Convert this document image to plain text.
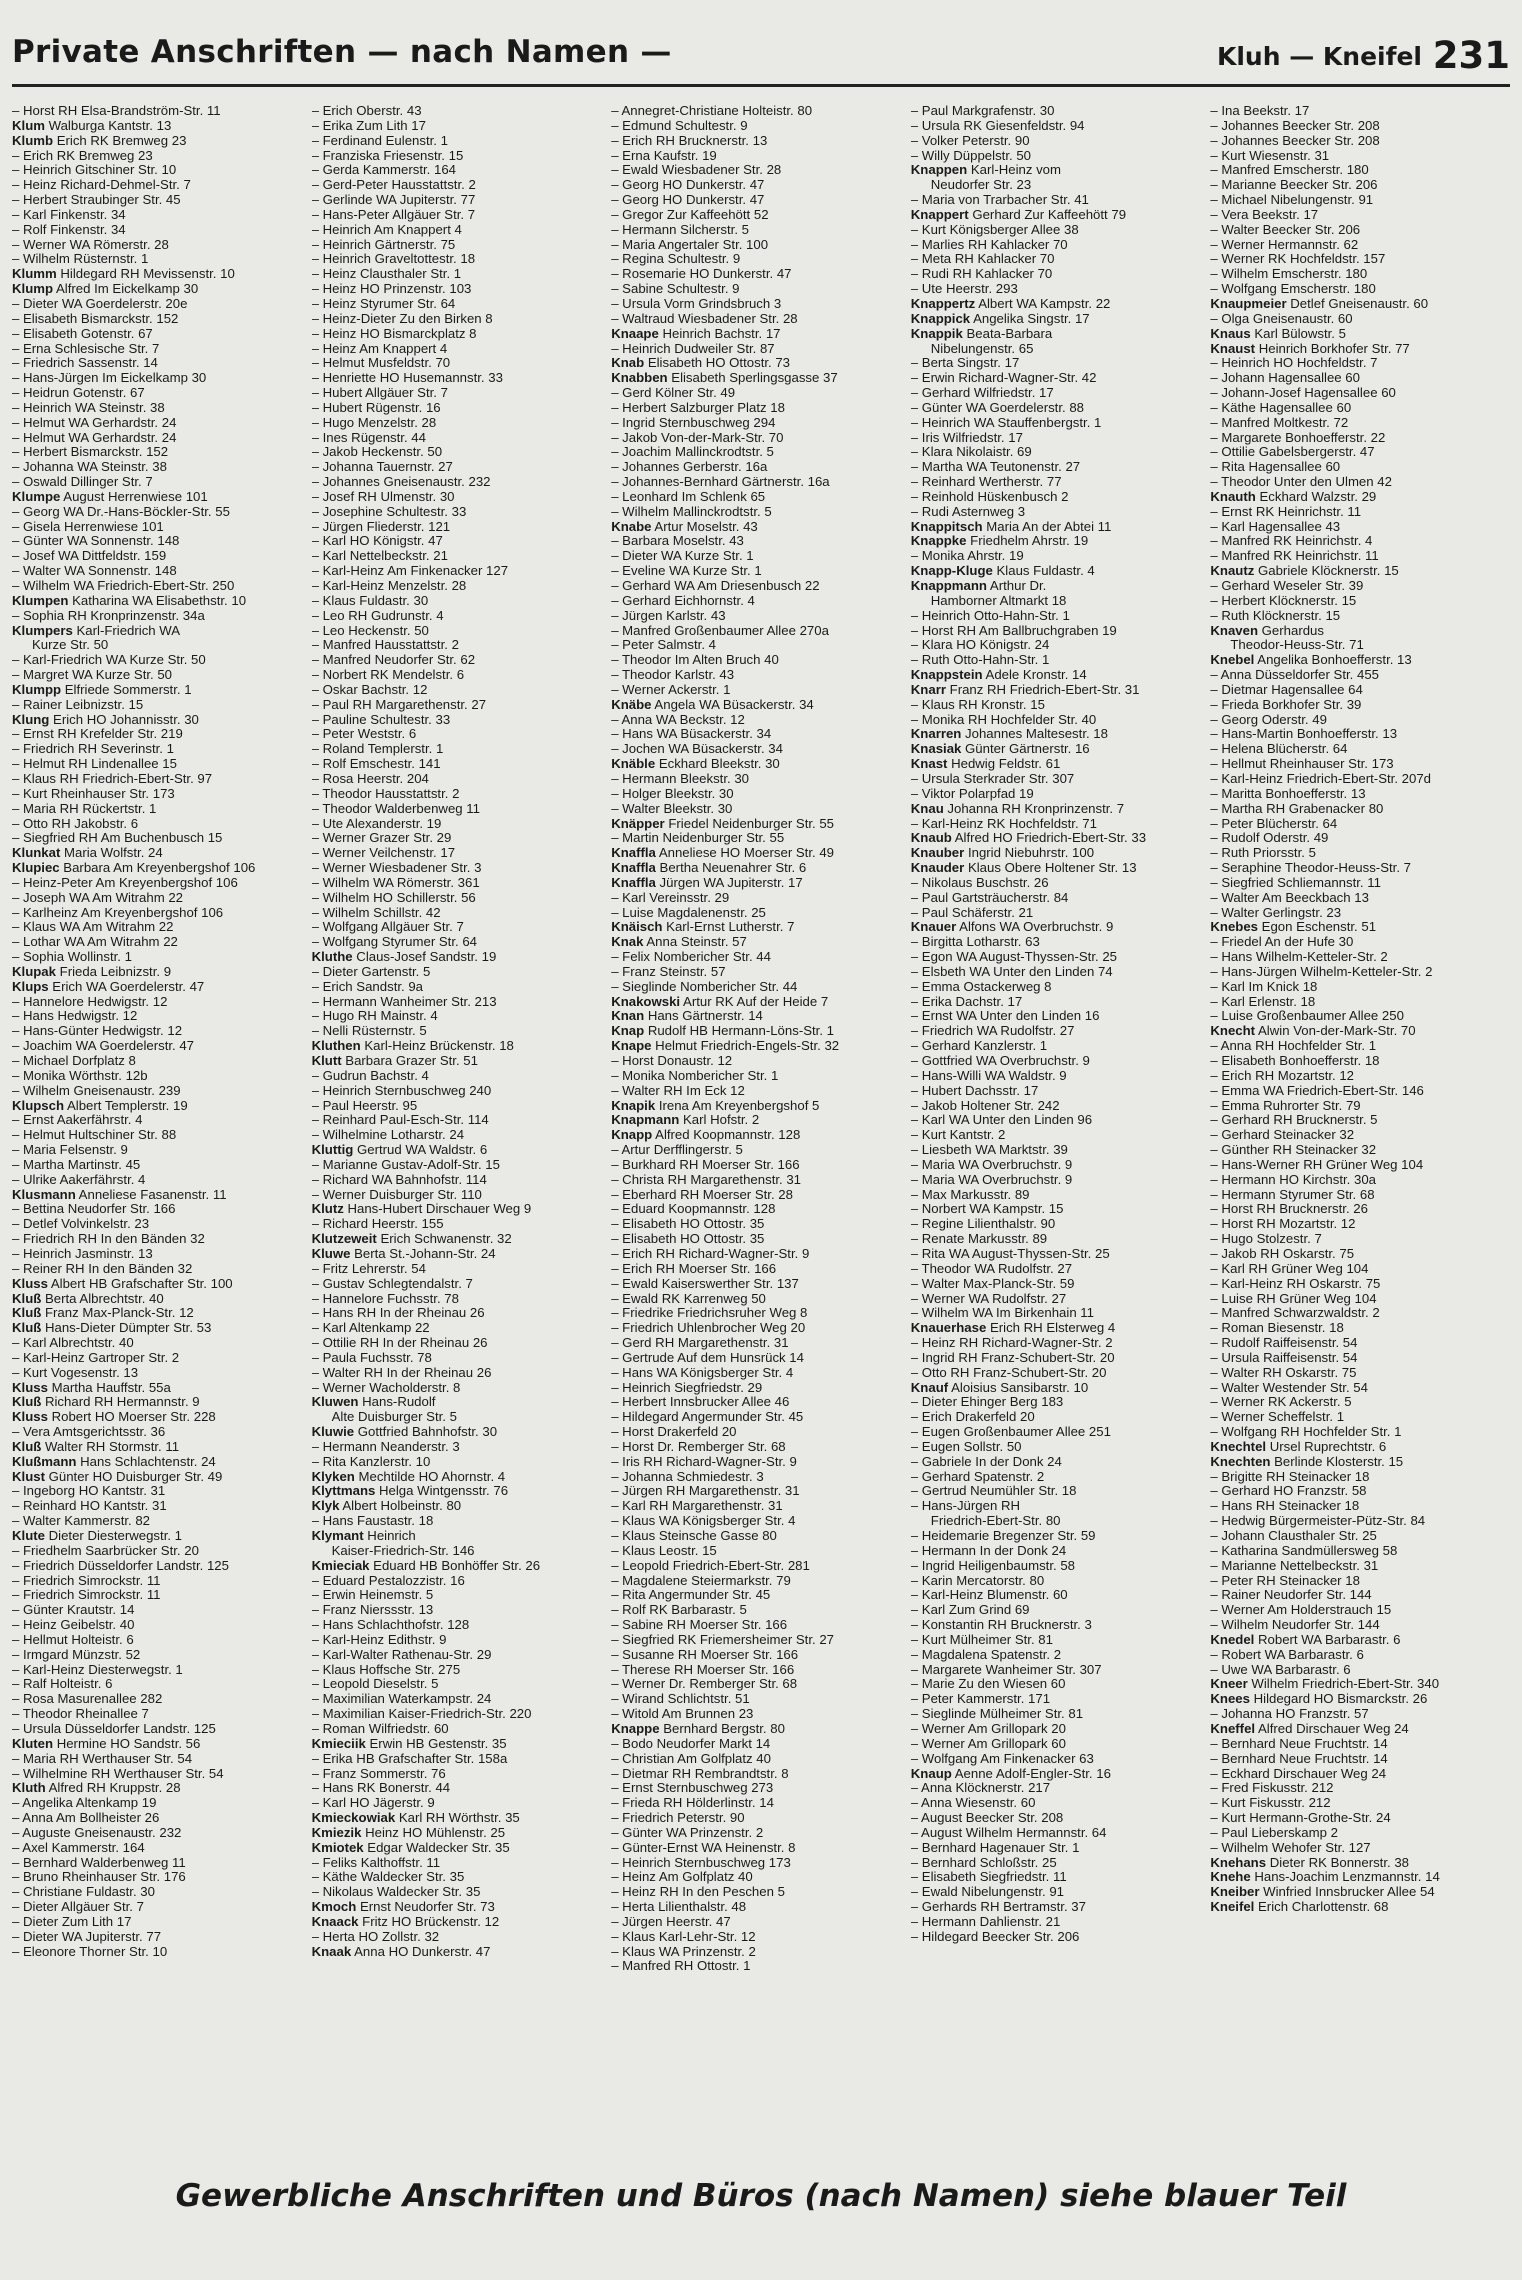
Private Anschriften — nach Namen —	Kluh — Kneifel 231
– Horst RH Elsa-Brandström-Str. 11
Klum Walburga Kantstr. 13
Klumb Erich RK Bremweg 23
– Erich RK Bremweg 23
– Heinrich Gitschiner Str. 10
– Heinz Richard-Dehmel-Str. 7
– Herbert Straubinger Str. 45
– Karl Finkenstr. 34
– Rolf Finkenstr. 34
– Werner WA Römerstr. 28
– Wilhelm Rüsternstr. 1
Klumm Hildegard RH Mevissenstr. 10
Klump Alfred Im Eickelkamp 30
– Dieter WA Goerdelerstr. 20e
– Elisabeth Bismarckstr. 152
– Elisabeth Gotenstr. 67
– Erna Schlesische Str. 7
– Friedrich Sassenstr. 14
– Hans-Jürgen Im Eickelkamp 30
– Heidrun Gotenstr. 67
– Heinrich WA Steinstr. 38
– Helmut WA Gerhardstr. 24
– Helmut WA Gerhardstr. 24
– Herbert Bismarckstr. 152
– Johanna WA Steinstr. 38
– Oswald Dillinger Str. 7
Klumpe August Herrenwiese 101
– Georg WA Dr.-Hans-Böckler-Str. 55
– Gisela Herrenwiese 101
– Günter WA Sonnenstr. 148
– Josef WA Dittfeldstr. 159
– Walter WA Sonnenstr. 148
– Wilhelm WA Friedrich-Ebert-Str. 250
Klumpen Katharina WA Elisabethstr. 10
– Sophia RH Kronprinzenstr. 34a
Klumpers Karl-Friedrich WA
Kurze Str. 50
– Karl-Friedrich WA Kurze Str. 50
– Margret WA Kurze Str. 50
Klumpp Elfriede Sommerstr. 1
– Rainer Leibnizstr. 15
Klung Erich HO Johannisstr. 30
– Ernst RH Krefelder Str. 219
– Friedrich RH Severinstr. 1
– Helmut RH Lindenallee 15
– Klaus RH Friedrich-Ebert-Str. 97
– Kurt Rheinhauser Str. 173
– Maria RH Rückertstr. 1
– Otto RH Jakobstr. 6
– Siegfried RH Am Buchenbusch 15
Klunkat Maria Wolfstr. 24
Klupiec Barbara Am Kreyenbergshof 106
– Heinz-Peter Am Kreyenbergshof 106
– Joseph WA Am Witrahm 22
– Karlheinz Am Kreyenbergshof 106
– Klaus WA Am Witrahm 22
– Lothar WA Am Witrahm 22
– Sophia Wollinstr. 1
Klupak Frieda Leibnizstr. 9
Klups Erich WA Goerdelerstr. 47
– Hannelore Hedwigstr. 12
– Hans Hedwigstr. 12
– Hans-Günter Hedwigstr. 12
– Joachim WA Goerdelerstr. 47
– Michael Dorfplatz 8
– Monika Wörthstr. 12b
– Wilhelm Gneisenaustr. 239
Klupsch Albert Templerstr. 19
– Ernst Aakerfährstr. 4
– Helmut Hultschiner Str. 88
– Maria Felsenstr. 9
– Martha Martinstr. 45
– Ulrike Aakerfährstr. 4
Klusmann Anneliese Fasanenstr. 11
– Bettina Neudorfer Str. 166
– Detlef Volvinkelstr. 23
– Friedrich RH In den Bänden 32
– Heinrich Jasminstr. 13
– Reiner RH In den Bänden 32
Kluss Albert HB Grafschafter Str. 100
Kluß Berta Albrechtstr. 40
Kluß Franz Max-Planck-Str. 12
Kluß Hans-Dieter Dümpter Str. 53
– Karl Albrechtstr. 40
– Karl-Heinz Gartroper Str. 2
– Kurt Vogesenstr. 13
Kluss Martha Hauffstr. 55a
Kluß Richard RH Hermannstr. 9
Kluss Robert HO Moerser Str. 228
– Vera Amtsgerichtsstr. 36
Kluß Walter RH Stormstr. 11
Klußmann Hans Schlachtenstr. 24
Klust Günter HO Duisburger Str. 49
– Ingeborg HO Kantstr. 31
– Reinhard HO Kantstr. 31
– Walter Kammerstr. 82
Klute Dieter Diesterwegstr. 1
– Friedhelm Saarbrücker Str. 20
– Friedrich Düsseldorfer Landstr. 125
– Friedrich Simrockstr. 11
– Friedrich Simrockstr. 11
– Günter Krautstr. 14
– Heinz Geibelstr. 40
– Hellmut Holteistr. 6
– Irmgard Münzstr. 52
– Karl-Heinz Diesterwegstr. 1
– Ralf Holteistr. 6
– Rosa Masurenallee 282
– Theodor Rheinallee 7
– Ursula Düsseldorfer Landstr. 125
Kluten Hermine HO Sandstr. 56
– Maria RH Werthauser Str. 54
– Wilhelmine RH Werthauser Str. 54
Kluth Alfred RH Kruppstr. 28
– Angelika Altenkamp 19
– Anna Am Bollheister 26
– Auguste Gneisenaustr. 232
– Axel Kammerstr. 164
– Bernhard Walderbenweg 11
– Bruno Rheinhauser Str. 176
– Christiane Fuldastr. 30
– Dieter Allgäuer Str. 7
– Dieter Zum Lith 17
– Dieter WA Jupiterstr. 77
– Eleonore Thorner Str. 10
– Erich Oberstr. 43
– Erika Zum Lith 17
– Ferdinand Eulenstr. 1
– Franziska Friesenstr. 15
– Gerda Kammerstr. 164
– Gerd-Peter Hausstattstr. 2
– Gerlinde WA Jupiterstr. 77
– Hans-Peter Allgäuer Str. 7
– Heinrich Am Knappert 4
– Heinrich Gärtnerstr. 75
– Heinrich Graveltottestr. 18
– Heinz Clausthaler Str. 1
– Heinz HO Prinzenstr. 103
– Heinz Styrumer Str. 64
– Heinz-Dieter Zu den Birken 8
– Heinz HO Bismarckplatz 8
– Heinz Am Knappert 4
– Helmut Musfeldstr. 70
– Henriette HO Husemannstr. 33
– Hubert Allgäuer Str. 7
– Hubert Rügenstr. 16
– Hugo Menzelstr. 28
– Ines Rügenstr. 44
– Jakob Heckenstr. 50
– Johanna Tauernstr. 27
– Johannes Gneisenaustr. 232
– Josef RH Ulmenstr. 30
– Josephine Schultestr. 33
– Jürgen Fliederstr. 121
– Karl HO Königstr. 47
– Karl Nettelbeckstr. 21
– Karl-Heinz Am Finkenacker 127
– Karl-Heinz Menzelstr. 28
– Klaus Fuldastr. 30
– Leo RH Gudrunstr. 4
– Leo Heckenstr. 50
– Manfred Hausstattstr. 2
– Manfred Neudorfer Str. 62
– Norbert RK Mendelstr. 6
– Oskar Bachstr. 12
– Paul RH Margarethenstr. 27
– Pauline Schultestr. 33
– Peter Weststr. 6
– Roland Templerstr. 1
– Rolf Emschestr. 141
– Rosa Heerstr. 204
– Theodor Hausstattstr. 2
– Theodor Walderbenweg 11
– Ute Alexanderstr. 19
– Werner Grazer Str. 29
– Werner Veilchenstr. 17
– Werner Wiesbadener Str. 3
– Wilhelm WA Römerstr. 361
– Wilhelm HO Schillerstr. 56
– Wilhelm Schillstr. 42
– Wolfgang Allgäuer Str. 7
– Wolfgang Styrumer Str. 64
Kluthe Claus-Josef Sandstr. 19
– Dieter Gartenstr. 5
– Erich Sandstr. 9a
– Hermann Wanheimer Str. 213
– Hugo RH Mainstr. 4
– Nelli Rüsternstr. 5
Kluthen Karl-Heinz Brückenstr. 18
Klutt Barbara Grazer Str. 51
– Gudrun Bachstr. 4
– Heinrich Sternbuschweg 240
– Paul Heerstr. 95
– Reinhard Paul-Esch-Str. 114
– Wilhelmine Lotharstr. 24
Kluttig Gertrud WA Waldstr. 6
– Marianne Gustav-Adolf-Str. 15
– Richard WA Bahnhofstr. 114
– Werner Duisburger Str. 110
Klutz Hans-Hubert Dirschauer Weg 9
– Richard Heerstr. 155
Klutzeweit Erich Schwanenstr. 32
Kluwe Berta St.-Johann-Str. 24
– Fritz Lehrerstr. 54
– Gustav Schlegtendalstr. 7
– Hannelore Fuchsstr. 78
– Hans RH In der Rheinau 26
– Karl Altenkamp 22
– Ottilie RH In der Rheinau 26
– Paula Fuchsstr. 78
– Walter RH In der Rheinau 26
– Werner Wacholderstr. 8
Kluwen Hans-Rudolf
Alte Duisburger Str. 5
Kluwie Gottfried Bahnhofstr. 30
– Hermann Neanderstr. 3
– Rita Kanzlerstr. 10
Klyken Mechtilde HO Ahornstr. 4
Klyttmans Helga Wintgensstr. 76
Klyk Albert Holbeinstr. 80
– Hans Faustastr. 18
Klymant Heinrich
Kaiser-Friedrich-Str. 146
Kmieciak Eduard HB Bonhöffer Str. 26
– Eduard Pestalozzistr. 16
– Erwin Heinemstr. 5
– Franz Nierssstr. 13
– Hans Schlachthofstr. 128
– Karl-Heinz Edithstr. 9
– Karl-Walter Rathenau-Str. 29
– Klaus Hoffsche Str. 275
– Leopold Dieselstr. 5
– Maximilian Waterkampstr. 24
– Maximilian Kaiser-Friedrich-Str. 220
– Roman Wilfriedstr. 60
Kmieciik Erwin HB Gestenstr. 35
– Erika HB Grafschafter Str. 158a
– Franz Sommerstr. 76
– Hans RK Bonerstr. 44
– Karl HO Jägerstr. 9
Kmieckowiak Karl RH Wörthstr. 35
Kmiezik Heinz HO Mühlenstr. 25
Kmiotek Edgar Waldecker Str. 35
– Feliks Kalthoffstr. 11
– Käthe Waldecker Str. 35
– Nikolaus Waldecker Str. 35
Kmoch Ernst Neudorfer Str. 73
Knaack Fritz HO Brückenstr. 12
– Herta HO Zollstr. 32
Knaak Anna HO Dunkerstr. 47
– Annegret-Christiane Holteistr. 80
– Edmund Schultestr. 9
– Erich RH Brucknerstr. 13
– Erna Kaufstr. 19
– Ewald Wiesbadener Str. 28
– Georg HO Dunkerstr. 47
– Georg HO Dunkerstr. 47
– Gregor Zur Kaffeehött 52
– Hermann Silcherstr. 5
– Maria Angertaler Str. 100
– Regina Schultestr. 9
– Rosemarie HO Dunkerstr. 47
– Sabine Schultestr. 9
– Ursula Vorm Grindsbruch 3
– Waltraud Wiesbadener Str. 28
Knaape Heinrich Bachstr. 17
– Heinrich Dudweiler Str. 87
Knab Elisabeth HO Ottostr. 73
Knabben Elisabeth Sperlingsgasse 37
– Gerd Kölner Str. 49
– Herbert Salzburger Platz 18
– Ingrid Sternbuschweg 294
– Jakob Von-der-Mark-Str. 70
– Joachim Mallinckrodtstr. 5
– Johannes Gerberstr. 16a
– Johannes-Bernhard Gärtnerstr. 16a
– Leonhard Im Schlenk 65
– Wilhelm Mallinckrodtstr. 5
Knabe Artur Moselstr. 43
– Barbara Moselstr. 43
– Dieter WA Kurze Str. 1
– Eveline WA Kurze Str. 1
– Gerhard WA Am Driesenbusch 22
– Gerhard Eichhornstr. 4
– Jürgen Karlstr. 43
– Manfred Großenbaumer Allee 270a
– Peter Salmstr. 4
– Theodor Im Alten Bruch 40
– Theodor Karlstr. 43
– Werner Ackerstr. 1
Knäbe Angela WA Büsackerstr. 34
– Anna WA Beckstr. 12
– Hans WA Büsackerstr. 34
– Jochen WA Büsackerstr. 34
Knäble Eckhard Bleekstr. 30
– Hermann Bleekstr. 30
– Holger Bleekstr. 30
– Walter Bleekstr. 30
Knäpper Friedel Neidenburger Str. 55
– Martin Neidenburger Str. 55
Knaffla Anneliese HO Moerser Str. 49
Knaffla Bertha Neuenahrer Str. 6
Knaffla Jürgen WA Jupiterstr. 17
– Karl Vereinsstr. 29
– Luise Magdalenenstr. 25
Knäisch Karl-Ernst Lutherstr. 7
Knak Anna Steinstr. 57
– Felix Nombericher Str. 44
– Franz Steinstr. 57
– Sieglinde Nombericher Str. 44
Knakowski Artur RK Auf der Heide 7
Knan Hans Gärtnerstr. 14
Knap Rudolf HB Hermann-Löns-Str. 1
Knape Helmut Friedrich-Engels-Str. 32
– Horst Donaustr. 12
– Monika Nombericher Str. 1
– Walter RH Im Eck 12
Knapik Irena Am Kreyenbergshof 5
Knapmann Karl Hofstr. 2
Knapp Alfred Koopmannstr. 128
– Artur Derfflingerstr. 5
– Burkhard RH Moerser Str. 166
– Christa RH Margarethenstr. 31
– Eberhard RH Moerser Str. 28
– Eduard Koopmannstr. 128
– Elisabeth HO Ottostr. 35
– Elisabeth HO Ottostr. 35
– Erich RH Richard-Wagner-Str. 9
– Erich RH Moerser Str. 166
– Ewald Kaiserswerther Str. 137
– Ewald RK Karrenweg 50
– Friedrike Friedrichsruher Weg 8
– Friedrich Uhlenbrocher Weg 20
– Gerd RH Margarethenstr. 31
– Gertrude Auf dem Hunsrück 14
– Hans WA Königsberger Str. 4
– Heinrich Siegfriedstr. 29
– Herbert Innsbrucker Allee 46
– Hildegard Angermunder Str. 45
– Horst Drakerfeld 20
– Horst Dr. Remberger Str. 68
– Iris RH Richard-Wagner-Str. 9
– Johanna Schmiedestr. 3
– Jürgen RH Margarethenstr. 31
– Karl RH Margarethenstr. 31
– Klaus WA Königsberger Str. 4
– Klaus Steinsche Gasse 80
– Klaus Leostr. 15
– Leopold Friedrich-Ebert-Str. 281
– Magdalene Steiermarkstr. 79
– Rita Angermunder Str. 45
– Rolf RK Barbarastr. 5
– Sabine RH Moerser Str. 166
– Siegfried RK Friemersheimer Str. 27
– Susanne RH Moerser Str. 166
– Therese RH Moerser Str. 166
– Werner Dr. Remberger Str. 68
– Wirand Schlichtstr. 51
– Witold Am Brunnen 23
Knappe Bernhard Bergstr. 80
– Bodo Neudorfer Markt 14
– Christian Am Golfplatz 40
– Dietmar RH Rembrandtstr. 8
– Ernst Sternbuschweg 273
– Frieda RH Hölderlinstr. 14
– Friedrich Peterstr. 90
– Günter WA Prinzenstr. 2
– Günter-Ernst WA Heinenstr. 8
– Heinrich Sternbuschweg 173
– Heinz Am Golfplatz 40
– Heinz RH In den Peschen 5
– Herta Lilienthalstr. 48
– Jürgen Heerstr. 47
– Klaus Karl-Lehr-Str. 12
– Klaus WA Prinzenstr. 2
– Manfred RH Ottostr. 1
– Paul Markgrafenstr. 30
– Ursula RK Giesenfeldstr. 94
– Volker Peterstr. 90
– Willy Düppelstr. 50
Knappen Karl-Heinz vom
Neudorfer Str. 23
– Maria von Trarbacher Str. 41
Knappert Gerhard Zur Kaffeehött 79
– Kurt Königsberger Allee 38
– Marlies RH Kahlacker 70
– Meta RH Kahlacker 70
– Rudi RH Kahlacker 70
– Ute Heerstr. 293
Knappertz Albert WA Kampstr. 22
Knappick Angelika Singstr. 17
Knappik Beata-Barbara
Nibelungenstr. 65
– Berta Singstr. 17
– Erwin Richard-Wagner-Str. 42
– Gerhard Wilfriedstr. 17
– Günter WA Goerdelerstr. 88
– Heinrich WA Stauffenbergstr. 1
– Iris Wilfriedstr. 17
– Klara Nikolaistr. 69
– Martha WA Teutonenstr. 27
– Reinhard Wertherstr. 77
– Reinhold Hüskenbusch 2
– Rudi Asternweg 3
Knappitsch Maria An der Abtei 11
Knappke Friedhelm Ahrstr. 19
– Monika Ahrstr. 19
Knapp-Kluge Klaus Fuldastr. 4
Knappmann Arthur Dr.
Hamborner Altmarkt 18
– Heinrich Otto-Hahn-Str. 1
– Horst RH Am Ballbruchgraben 19
– Klara HO Königstr. 24
– Ruth Otto-Hahn-Str. 1
Knappstein Adele Kronstr. 14
Knarr Franz RH Friedrich-Ebert-Str. 31
– Klaus RH Kronstr. 15
– Monika RH Hochfelder Str. 40
Knarren Johannes Maltesestr. 18
Knasiak Günter Gärtnerstr. 16
Knast Hedwig Feldstr. 61
– Ursula Sterkrader Str. 307
– Viktor Polarpfad 19
Knau Johanna RH Kronprinzenstr. 7
– Karl-Heinz RK Hochfeldstr. 71
Knaub Alfred HO Friedrich-Ebert-Str. 33
Knauber Ingrid Niebuhrstr. 100
Knauder Klaus Obere Holtener Str. 13
– Nikolaus Buschstr. 26
– Paul Gartsträucherstr. 84
– Paul Schäferstr. 21
Knauer Alfons WA Overbruchstr. 9
– Birgitta Lotharstr. 63
– Egon WA August-Thyssen-Str. 25
– Elsbeth WA Unter den Linden 74
– Emma Ostackerweg 8
– Erika Dachstr. 17
– Ernst WA Unter den Linden 16
– Friedrich WA Rudolfstr. 27
– Gerhard Kanzlerstr. 1
– Gottfried WA Overbruchstr. 9
– Hans-Willi WA Waldstr. 9
– Hubert Dachsstr. 17
– Jakob Holtener Str. 242
– Karl WA Unter den Linden 96
– Kurt Kantstr. 2
– Liesbeth WA Marktstr. 39
– Maria WA Overbruchstr. 9
– Maria WA Overbruchstr. 9
– Max Markusstr. 89
– Norbert WA Kampstr. 15
– Regine Lilienthalstr. 90
– Renate Markusstr. 89
– Rita WA August-Thyssen-Str. 25
– Theodor WA Rudolfstr. 27
– Walter Max-Planck-Str. 59
– Werner WA Rudolfstr. 27
– Wilhelm WA Im Birkenhain 11
Knauerhase Erich RH Elsterweg 4
– Heinz RH Richard-Wagner-Str. 2
– Ingrid RH Franz-Schubert-Str. 20
– Otto RH Franz-Schubert-Str. 20
Knauf Aloisius Sansibarstr. 10
– Dieter Ehinger Berg 183
– Erich Drakerfeld 20
– Eugen Großenbaumer Allee 251
– Eugen Sollstr. 50
– Gabriele In der Donk 24
– Gerhard Spatenstr. 2
– Gertrud Neumühler Str. 18
– Hans-Jürgen RH
Friedrich-Ebert-Str. 80
– Heidemarie Bregenzer Str. 59
– Hermann In der Donk 24
– Ingrid Heiligenbaumstr. 58
– Karin Mercatorstr. 80
– Karl-Heinz Blumenstr. 60
– Karl Zum Grind 69
– Konstantin RH Brucknerstr. 3
– Kurt Mülheimer Str. 81
– Magdalena Spatenstr. 2
– Margarete Wanheimer Str. 307
– Marie Zu den Wiesen 60
– Peter Kammerstr. 171
– Sieglinde Mülheimer Str. 81
– Werner Am Grillopark 20
– Werner Am Grillopark 60
– Wolfgang Am Finkenacker 63
Knaup Aenne Adolf-Engler-Str. 16
– Anna Klöcknerstr. 217
– Anna Wiesenstr. 60
– August Beecker Str. 208
– August Wilhelm Hermannstr. 64
– Bernhard Hagenauer Str. 1
– Bernhard Schloßstr. 25
– Elisabeth Siegfriedstr. 11
– Ewald Nibelungenstr. 91
– Gerhards RH Bertramstr. 37
– Hermann Dahlienstr. 21
– Hildegard Beecker Str. 206
– Ina Beekstr. 17
– Johannes Beecker Str. 208
– Johannes Beecker Str. 208
– Kurt Wiesenstr. 31
– Manfred Emscherstr. 180
– Marianne Beecker Str. 206
– Michael Nibelungenstr. 91
– Vera Beekstr. 17
– Walter Beecker Str. 206
– Werner Hermannstr. 62
– Werner RK Hochfeldstr. 157
– Wilhelm Emscherstr. 180
– Wolfgang Emscherstr. 180
Knaupmeier Detlef Gneisenaustr. 60
– Olga Gneisenaustr. 60
Knaus Karl Bülowstr. 5
Knaust Heinrich Borkhofer Str. 77
– Heinrich HO Hochfeldstr. 7
– Johann Hagensallee 60
– Johann-Josef Hagensallee 60
– Käthe Hagensallee 60
– Manfred Moltkestr. 72
– Margarete Bonhoefferstr. 22
– Ottilie Gabelsbergerstr. 47
– Rita Hagensallee 60
– Theodor Unter den Ulmen 42
Knauth Eckhard Walzstr. 29
– Ernst RK Heinrichstr. 11
– Karl Hagensallee 43
– Manfred RK Heinrichstr. 4
– Manfred RK Heinrichstr. 11
Knautz Gabriele Klöcknerstr. 15
– Gerhard Weseler Str. 39
– Herbert Klöcknerstr. 15
– Ruth Klöcknerstr. 15
Knaven Gerhardus
Theodor-Heuss-Str. 71
Knebel Angelika Bonhoefferstr. 13
– Anna Düsseldorfer Str. 455
– Dietmar Hagensallee 64
– Frieda Borkhofer Str. 39
– Georg Oderstr. 49
– Hans-Martin Bonhoefferstr. 13
– Helena Blücherstr. 64
– Hellmut Rheinhauser Str. 173
– Karl-Heinz Friedrich-Ebert-Str. 207d
– Maritta Bonhoefferstr. 13
– Martha RH Grabenacker 80
– Peter Blücherstr. 64
– Rudolf Oderstr. 49
– Ruth Priorsstr. 5
– Seraphine Theodor-Heuss-Str. 7
– Siegfried Schliemannstr. 11
– Walter Am Beeckbach 13
– Walter Gerlingstr. 23
Knebes Egon Eschenstr. 51
– Friedel An der Hufe 30
– Hans Wilhelm-Ketteler-Str. 2
– Hans-Jürgen Wilhelm-Ketteler-Str. 2
– Karl Im Knick 18
– Karl Erlenstr. 18
– Luise Großenbaumer Allee 250
Knecht Alwin Von-der-Mark-Str. 70
– Anna RH Hochfelder Str. 1
– Elisabeth Bonhoefferstr. 18
– Erich RH Mozartstr. 12
– Emma WA Friedrich-Ebert-Str. 146
– Emma Ruhrorter Str. 79
– Gerhard RH Brucknerstr. 5
– Gerhard Steinacker 32
– Günther RH Steinacker 32
– Hans-Werner RH Grüner Weg 104
– Hermann HO Kirchstr. 30a
– Hermann Styrumer Str. 68
– Horst RH Brucknerstr. 26
– Horst RH Mozartstr. 12
– Hugo Stolzestr. 7
– Jakob RH Oskarstr. 75
– Karl RH Grüner Weg 104
– Karl-Heinz RH Oskarstr. 75
– Luise RH Grüner Weg 104
– Manfred Schwarzwaldstr. 2
– Roman Biesenstr. 18
– Rudolf Raiffeisenstr. 54
– Ursula Raiffeisenstr. 54
– Walter RH Oskarstr. 75
– Walter Westender Str. 54
– Werner RK Ackerstr. 5
– Werner Scheffelstr. 1
– Wolfgang RH Hochfelder Str. 1
Knechtel Ursel Ruprechtstr. 6
Knechten Berlinde Klosterstr. 15
– Brigitte RH Steinacker 18
– Gerhard HO Franzstr. 58
– Hans RH Steinacker 18
– Hedwig Bürgermeister-Pütz-Str. 84
– Johann Clausthaler Str. 25
– Katharina Sandmüllersweg 58
– Marianne Nettelbeckstr. 31
– Peter RH Steinacker 18
– Rainer Neudorfer Str. 144
– Werner Am Holderstrauch 15
– Wilhelm Neudorfer Str. 144
Knedel Robert WA Barbarastr. 6
– Robert WA Barbarastr. 6
– Uwe WA Barbarastr. 6
Kneer Wilhelm Friedrich-Ebert-Str. 340
Knees Hildegard HO Bismarckstr. 26
– Johanna HO Franzstr. 57
Kneffel Alfred Dirschauer Weg 24
– Bernhard Neue Fruchtstr. 14
– Bernhard Neue Fruchtstr. 14
– Eckhard Dirschauer Weg 24
– Fred Fiskusstr. 212
– Kurt Fiskusstr. 212
– Kurt Hermann-Grothe-Str. 24
– Paul Lieberskamp 2
– Wilhelm Wehofer Str. 127
Knehans Dieter RK Bonnerstr. 38
Knehe Hans-Joachim Lenzmannstr. 14
Kneiber Winfried Innsbrucker Allee 54
Kneifel Erich Charlottenstr. 68
Gewerbliche Anschriften und Büros (nach Namen) siehe blauer Teil
